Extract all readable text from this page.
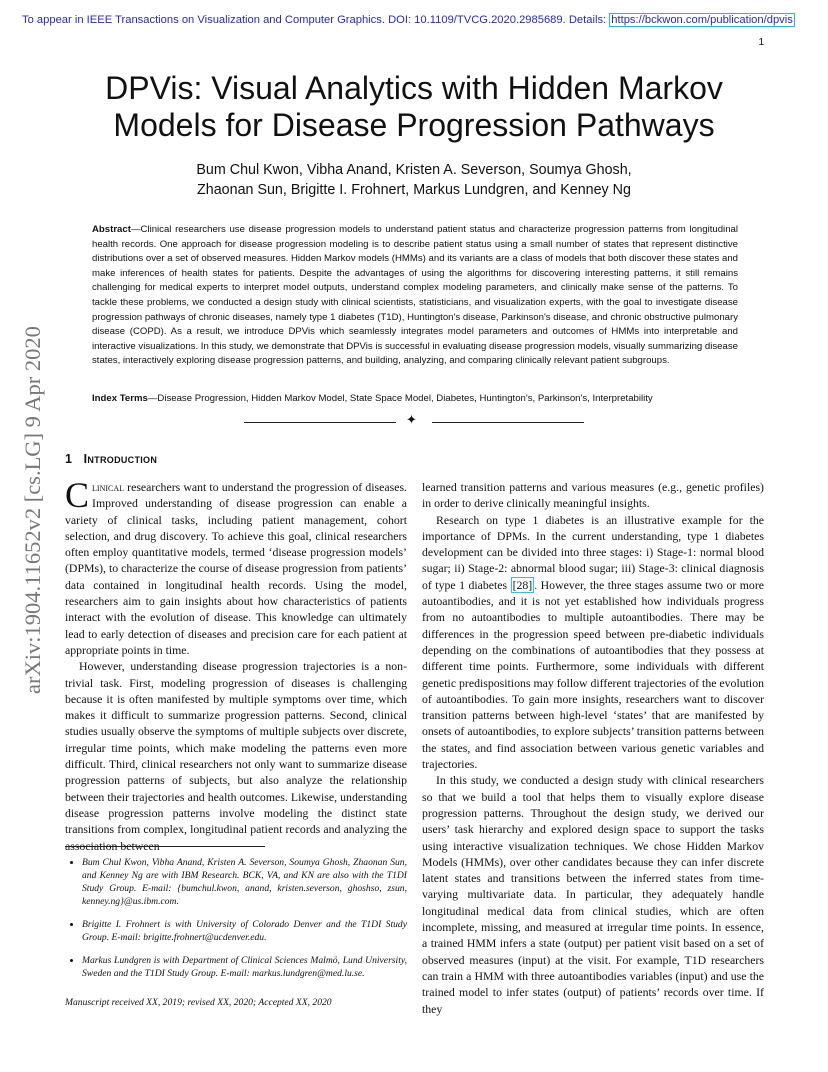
To appear in IEEE Transactions on Visualization and Computer Graphics. DOI: 10.1109/TVCG.2020.2985689. Details: https://bckwon.com/publication/dpvis
1
arXiv:1904.11652v2 [cs.LG] 9 Apr 2020
DPVis: Visual Analytics with Hidden Markov Models for Disease Progression Pathways
Bum Chul Kwon, Vibha Anand, Kristen A. Severson, Soumya Ghosh,
Zhaonan Sun, Brigitte I. Frohnert, Markus Lundgren, and Kenney Ng
Abstract—Clinical researchers use disease progression models to understand patient status and characterize progression patterns from longitudinal health records. One approach for disease progression modeling is to describe patient status using a small number of states that represent distinctive distributions over a set of observed measures. Hidden Markov models (HMMs) and its variants are a class of models that both discover these states and make inferences of health states for patients. Despite the advantages of using the algorithms for discovering interesting patterns, it still remains challenging for medical experts to interpret model outputs, understand complex modeling parameters, and clinically make sense of the patterns. To tackle these problems, we conducted a design study with clinical scientists, statisticians, and visualization experts, with the goal to investigate disease progression pathways of chronic diseases, namely type 1 diabetes (T1D), Huntington's disease, Parkinson's disease, and chronic obstructive pulmonary disease (COPD). As a result, we introduce DPVis which seamlessly integrates model parameters and outcomes of HMMs into interpretable and interactive visualizations. In this study, we demonstrate that DPVis is successful in evaluating disease progression models, visually summarizing disease states, interactively exploring disease progression patterns, and building, analyzing, and comparing clinically relevant patient subgroups.
Index Terms—Disease Progression, Hidden Markov Model, State Space Model, Diabetes, Huntington's, Parkinson's, Interpretability
✦
1 Introduction

Clinical researchers want to understand the progression of diseases. Improved understanding of disease progression can enable a variety of clinical tasks, including patient management, cohort selection, and drug discovery. To achieve this goal, clinical researchers often employ quantitative models, termed ‘disease progression models’ (DPMs), to characterize the course of disease progression from patients’ data contained in longitudinal health records. Using the model, researchers aim to gain insights about how characteristics of patients interact with the evolution of disease. This knowledge can ultimately lead to early detection of diseases and precision care for each patient at appropriate points in time.

However, understanding disease progression trajectories is a non-trivial task. First, modeling progression of diseases is challenging because it is often manifested by multiple symptoms over time, which makes it difficult to summarize progression patterns. Second, clinical studies usually observe the symptoms of multiple subjects over discrete, irregular time points, which make modeling the patterns even more difficult. Third, clinical researchers not only want to summarize disease progression patterns of subjects, but also analyze the relationship between their trajectories and health outcomes. Likewise, understanding disease progression patterns involve modeling the distinct state transitions from complex, longitudinal patient records and analyzing the association between

• Bum Chul Kwon, Vibha Anand, Kristen A. Severson, Soumya Ghosh, Zhaonan Sun, and Kenney Ng are with IBM Research. BCK, VA, and KN are also with the T1DI Study Group. E-mail: {bumchul.kwon, anand, kristen.severson, ghoshso, zsun, kenney.ng}@us.ibm.com.
• Brigitte I. Frohnert is with University of Colorado Denver and the T1DI Study Group. E-mail: brigitte.frohnert@ucdenver.edu.
• Markus Lundgren is with Department of Clinical Sciences Malmö, Lund University, Sweden and the T1DI Study Group. E-mail: markus.lundgren@med.lu.se.
Manuscript received XX, 2019; revised XX, 2020; Accepted XX, 2020

learned transition patterns and various measures (e.g., genetic profiles) in order to derive clinically meaningful insights.

Research on type 1 diabetes is an illustrative example for the importance of DPMs. In the current understanding, type 1 diabetes development can be divided into three stages: i) Stage-1: normal blood sugar; ii) Stage-2: abnormal blood sugar; iii) Stage-3: clinical diagnosis of type 1 diabetes [28] . However, the three stages assume two or more autoantibodies, and it is not yet established how individuals progress from no autoantibodies to multiple autoantibodies. There may be differences in the progression speed between pre-diabetic individuals depending on the combinations of autoantibodies that they possess at different time points. Furthermore, some individuals with different genetic predispositions may follow different trajectories of the evolution of autoantibodies. To gain more insights, researchers want to discover transition patterns between high-level ‘states’ that are manifested by onsets of autoantibodies, to explore subjects’ transition patterns between the states, and find association between various genetic variables and trajectories.

In this study, we conducted a design study with clinical researchers so that we build a tool that helps them to visually explore disease progression patterns. Throughout the design study, we derived our users’ task hierarchy and explored design space to support the tasks using interactive visualization techniques. We chose Hidden Markov Models (HMMs), over other candidates because they can infer discrete latent states and transitions between the inferred states from time-varying multivariate data. In particular, they adequately handle longitudinal medical data from clinical studies, which are often incomplete, missing, and measured at irregular time points. In essence, a trained HMM infers a state (output) per patient visit based on a set of observed measures (input) at the visit. For example, T1D researchers can train a HMM with three autoantibodies variables (input) and use the trained model to infer states (output) of patients’ records over time. If they
